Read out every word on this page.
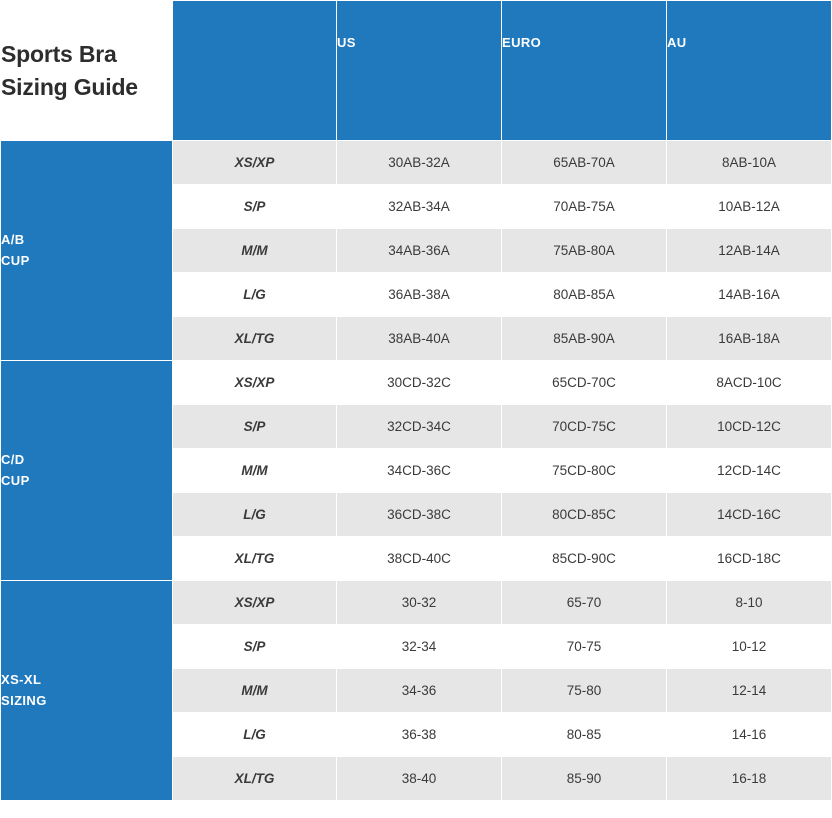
Sports Bra Sizing Guide		US	EURO	AU

A/B
CUP	XS/XP	30AB-32A	65AB-70A	8AB-10A
	S/P	32AB-34A	70AB-75A	10AB-12A
	M/M	34AB-36A	75AB-80A	12AB-14A
	L/G	36AB-38A	80AB-85A	14AB-16A
	XL/TG	38AB-40A	85AB-90A	16AB-18A

C/D
CUP	XS/XP	30CD-32C	65CD-70C	8ACD-10C
	S/P	32CD-34C	70CD-75C	10CD-12C
	M/M	34CD-36C	75CD-80C	12CD-14C
	L/G	36CD-38C	80CD-85C	14CD-16C
	XL/TG	38CD-40C	85CD-90C	16CD-18C

XS-XL
SIZING	XS/XP	30-32	65-70	8-10
	S/P	32-34	70-75	10-12
	M/M	34-36	75-80	12-14
	L/G	36-38	80-85	14-16
	XL/TG	38-40	85-90	16-18
